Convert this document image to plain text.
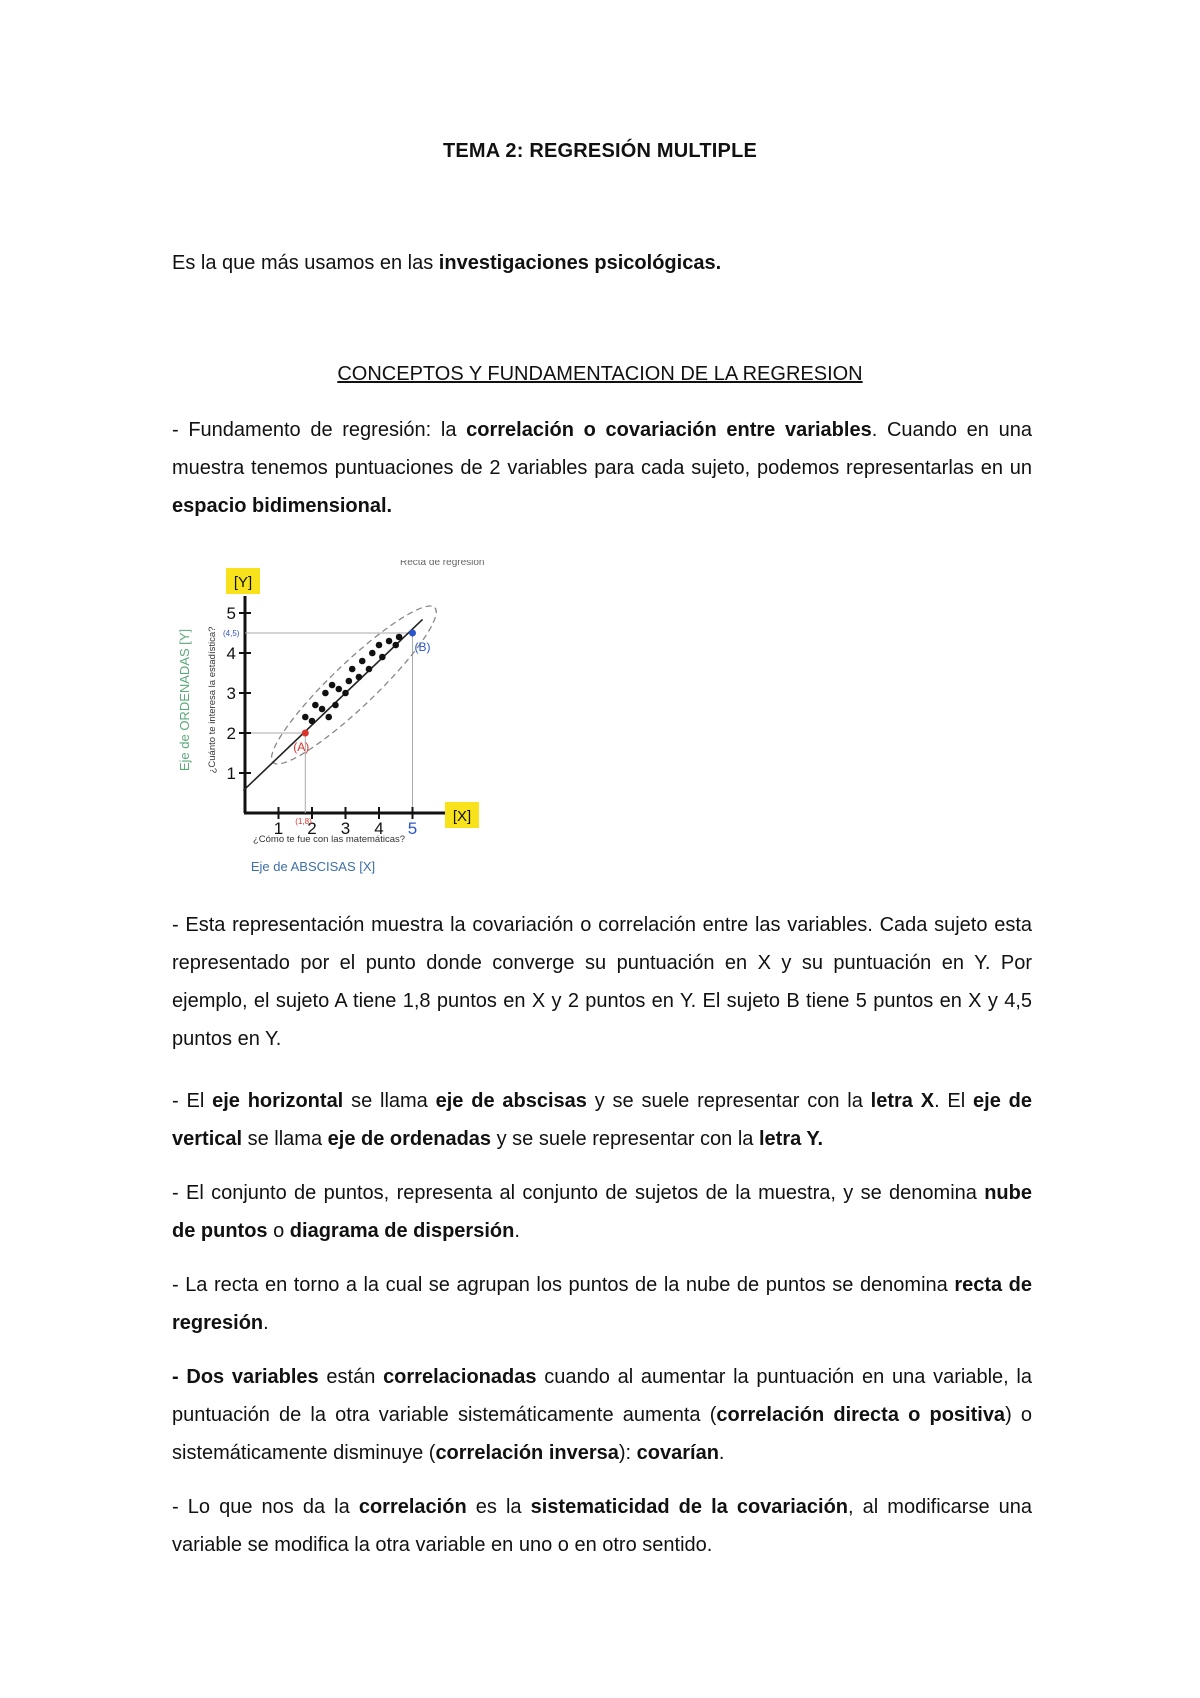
TEMA 2: REGRESIÓN MULTIPLE
Es la que más usamos en las investigaciones psicológicas.
CONCEPTOS Y FUNDAMENTACION DE LA REGRESION

- Fundamento de regresión: la correlación o covariación entre variables. Cuando en una muestra tenemos puntuaciones de 2 variables para cada sujeto, podemos representarlas en un espacio bidimensional.

[Y]
[X]
Recta de regresión
1
2
3
4
5
1 2 3 4 5
(A)
(B)
(1,8)
(4,5)
Eje de ORDENADAS [Y] ¿Cuánto te interesa la estadística?
¿Cómo te fue con las matemáticas?
Eje de ABSCISAS [X]

- Esta representación muestra la covariación o correlación entre las variables. Cada sujeto esta representado por el punto donde converge su puntuación en X y su puntuación en Y. Por ejemplo, el sujeto A tiene 1,8 puntos en X y 2 puntos en Y. El sujeto B tiene 5 puntos en X y 4,5 puntos en Y.

- El eje horizontal se llama eje de abscisas y se suele representar con la letra X. El eje de vertical se llama eje de ordenadas y se suele representar con la letra Y.

- El conjunto de puntos, representa al conjunto de sujetos de la muestra, y se denomina nube de puntos o diagrama de dispersión.

- La recta en torno a la cual se agrupan los puntos de la nube de puntos se denomina recta de regresión.

- Dos variables están correlacionadas cuando al aumentar la puntuación en una variable, la puntuación de la otra variable sistemáticamente aumenta (correlación directa o positiva) o sistemáticamente disminuye (correlación inversa): covarían.

- Lo que nos da la correlación es la sistematicidad de la covariación, al modificarse una variable se modifica la otra variable en uno o en otro sentido.
